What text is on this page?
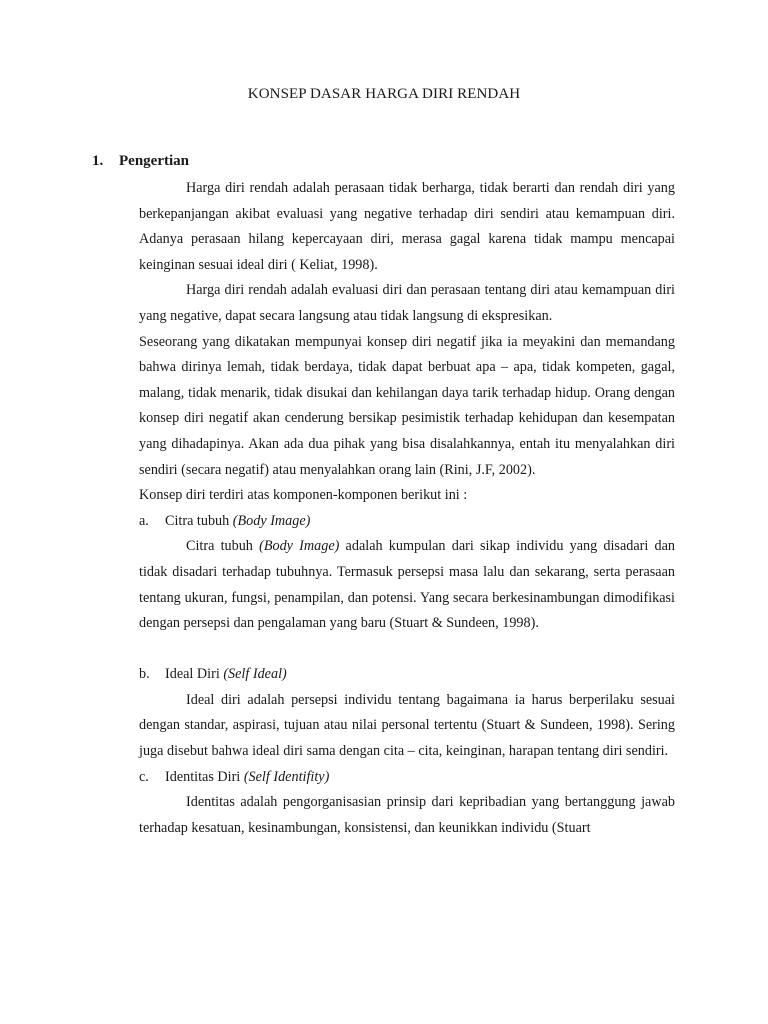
KONSEP DASAR HARGA DIRI RENDAH
1. Pengertian

Harga diri rendah adalah perasaan tidak berharga, tidak berarti dan rendah diri yang berkepanjangan akibat evaluasi yang negative terhadap diri sendiri atau kemampuan diri. Adanya perasaan hilang kepercayaan diri, merasa gagal karena tidak mampu mencapai keinginan sesuai ideal diri ( Keliat, 1998).

Harga diri rendah adalah evaluasi diri dan perasaan tentang diri atau kemampuan diri yang negative, dapat secara langsung atau tidak langsung di ekspresikan.

Seseorang yang dikatakan mempunyai konsep diri negatif jika ia meyakini dan memandang bahwa dirinya lemah, tidak berdaya, tidak dapat berbuat apa – apa, tidak kompeten, gagal, malang, tidak menarik, tidak disukai dan kehilangan daya tarik terhadap hidup. Orang dengan konsep diri negatif akan cenderung bersikap pesimistik terhadap kehidupan dan kesempatan yang dihadapinya. Akan ada dua pihak yang bisa disalahkannya, entah itu menyalahkan diri sendiri (secara negatif) atau menyalahkan orang lain (Rini, J.F, 2002).

Konsep diri terdiri atas komponen-komponen berikut ini :

a. Citra tubuh (Body Image)

Citra tubuh (Body Image) adalah kumpulan dari sikap individu yang disadari dan tidak disadari terhadap tubuhnya. Termasuk persepsi masa lalu dan sekarang, serta perasaan tentang ukuran, fungsi, penampilan, dan potensi. Yang secara berkesinambungan dimodifikasi dengan persepsi dan pengalaman yang baru (Stuart & Sundeen, 1998).

b. Ideal Diri (Self Ideal)

Ideal diri adalah persepsi individu tentang bagaimana ia harus berperilaku sesuai dengan standar, aspirasi, tujuan atau nilai personal tertentu (Stuart & Sundeen, 1998). Sering juga disebut bahwa ideal diri sama dengan cita – cita, keinginan, harapan tentang diri sendiri.

c. Identitas Diri (Self Identifity)

Identitas adalah pengorganisasian prinsip dari kepribadian yang bertanggung jawab terhadap kesatuan, kesinambungan, konsistensi, dan keunikkan individu (Stuart
